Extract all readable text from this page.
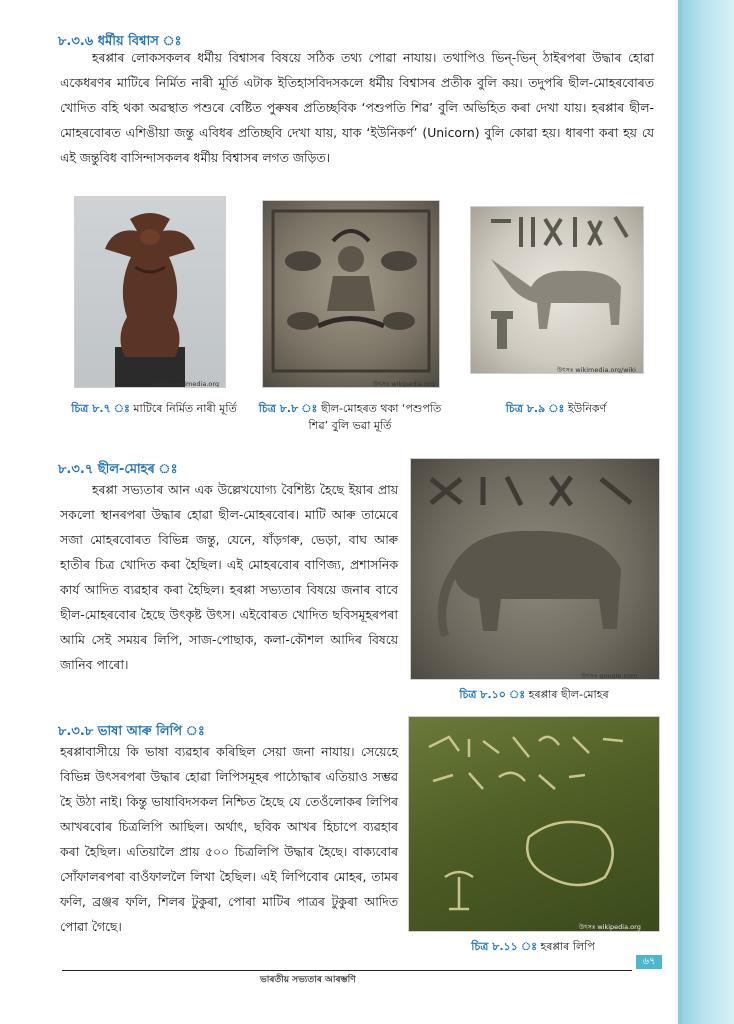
৮.৩.৬ ধৰ্মীয় বিশ্বাস ঃ
হৰপ্পাৰ লোকসকলৰ ধৰ্মীয় বিশ্বাসৰ বিষয়ে সঠিক তথ্য পোৱা নাযায়। তথাপিও ভিন্-ভিন্ ঠাইৰপৰা উদ্ধাৰ হোৱা একেধৰণৰ মাটিৰে নিৰ্মিত নাৰী মূৰ্তি এটাক ইতিহাসবিদসকলে ধৰ্মীয় বিশ্বাসৰ প্ৰতীক বুলি কয়। তদুপৰি ছীল-মোহৰবোৰত খোদিত বহি থকা অৱস্থাত পশুৰে বেষ্টিত পুৰুষৰ প্ৰতিচ্ছবিক ‘পশুপতি শিৱ’ বুলি অভিহিত কৰা দেখা যায়। হৰপ্পাৰ ছীল-মোহৰবোৰত এশিঙীয়া জন্তু এবিধৰ প্ৰতিচ্ছবি দেখা যায়, যাক ‘ইউনিকৰ্ণ’ (Unicorn) বুলি কোৱা হয়। ধাৰণা কৰা হয় যে এই জন্তুবিধ বাসিন্দাসকলৰ ধৰ্মীয় বিশ্বাসৰ লগত জড়িত।
উৎসঃ wikimedia.org
চিত্ৰ ৮.৭ ঃ মাটিৰে নিৰ্মিত নাৰী মূৰ্তি
উৎসঃ wikipedia.org
চিত্ৰ ৮.৮ ঃ ছীল-মোহৰত থকা ‘পশুপতি শিৱ’ বুলি ভৱা মূৰ্তি
উৎসঃ wikimedia.org/wiki
চিত্ৰ ৮.৯ ঃ ইউনিকৰ্ণ
৮.৩.৭ ছীল-মোহৰ ঃ
হৰপ্পা সভ্যতাৰ আন এক উল্লেখযোগ্য বৈশিষ্ট্য হৈছে ইয়াৰ প্ৰায় সকলো স্থানৰপৰা উদ্ধাৰ হোৱা ছীল-মোহৰবোৰ। মাটি আৰু তামেৰে সজা মোহৰবোৰত বিভিন্ন জন্তু, যেনে, ষাঁড়গৰু, ভেড়া, বাঘ আৰু হাতীৰ চিত্ৰ খোদিত কৰা হৈছিল। এই মোহৰবোৰ বাণিজ্য, প্ৰশাসনিক কাৰ্য আদিত ব্যৱহাৰ কৰা হৈছিল। হৰপ্পা সভ্যতাৰ বিষয়ে জনাৰ বাবে ছীল-মোহৰবোৰ হৈছে উৎকৃষ্ট উৎস। এইবোৰত খোদিত ছবিসমূহৰপৰা আমি সেই সময়ৰ লিপি, সাজ-পোছাক, কলা-কৌশল আদিৰ বিষয়ে জানিব পাৰো।
উৎসঃ google.com
চিত্ৰ ৮.১০ ঃ হৰপ্পাৰ ছীল-মোহৰ
৮.৩.৮ ভাষা আৰু লিপি ঃ
হৰপ্পাবাসীয়ে কি ভাষা ব্যৱহাৰ কৰিছিল সেয়া জনা নাযায়। সেয়েহে বিভিন্ন উৎসৰপৰা উদ্ধাৰ হোৱা লিপিসমূহৰ পাঠোদ্ধাৰ এতিয়াও সম্ভৱ হৈ উঠা নাই। কিন্তু ভাষাবিদসকল নিশ্চিত হৈছে যে তেওঁলোকৰ লিপিৰ আখৰবোৰ চিত্ৰলিপি আছিল। অৰ্থাৎ, ছবিক আখৰ হিচাপে ব্যৱহাৰ কৰা হৈছিল। এতিয়ালৈ প্ৰায় ৫০০ চিত্ৰলিপি উদ্ধাৰ হৈছে। বাক্যবোৰ সোঁফালৰপৰা বাওঁফাললৈ লিখা হৈছিল। এই লিপিবোৰ মোহৰ, তামৰ ফলি, ব্ৰঞ্জৰ ফলি, শিলৰ টুকুৰা, পোৰা মাটিৰ পাত্ৰৰ টুকুৰা আদিত পোৱা গৈছে।	উৎসঃ wikipedia.org
চিত্ৰ ৮.১১ ঃ হৰপ্পাৰ লিপি
ভাৰতীয় সভ্যতাৰ আৰম্ভণি
৬৭
